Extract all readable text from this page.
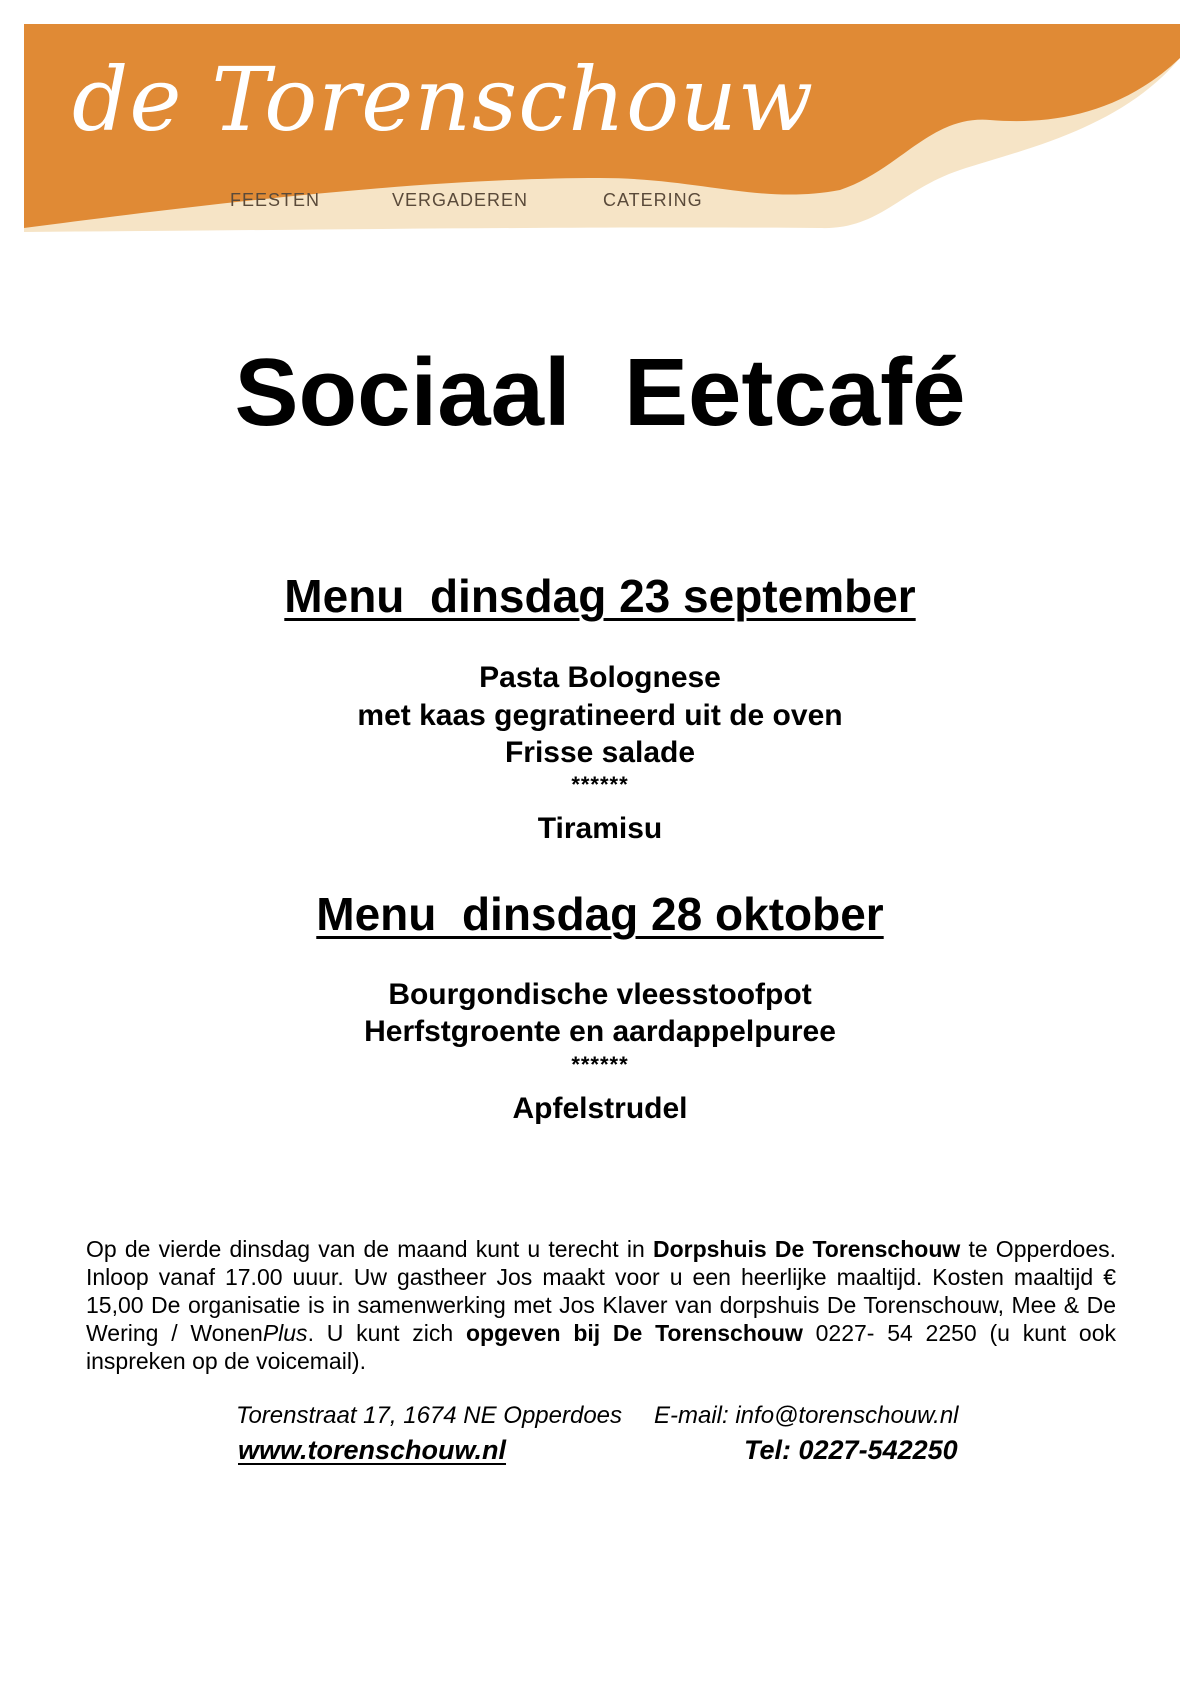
de Torenschouw
FEESTEN	VERGADEREN	CATERING
Sociaal  Eetcafé
Menu  dinsdag 23 september
Pasta Bolognese
met kaas gegratineerd uit de oven
Frisse salade
******
Tiramisu
Menu  dinsdag 28 oktober
Bourgondische vleesstoofpot
Herfstgroente en aardappelpuree
******
Apfelstrudel
Op de vierde dinsdag van de maand kunt u terecht in Dorpshuis De Torenschouw te Opperdoes. Inloop vanaf 17.00 uuur. Uw gastheer Jos maakt voor u een heerlijke maaltijd. Kosten maaltijd € 15,00 De organisatie is in samenwerking met Jos Klaver van dorpshuis De Torenschouw, Mee & De Wering / WonenPlus. U kunt zich opgeven bij De Torenschouw 0227- 54 2250 (u kunt ook inspreken op de voicemail).
Torenstraat 17, 1674 NE Opperdoes E-mail: info@torenschouw.nl
www.torenschouw.nl	Tel: 0227-542250
